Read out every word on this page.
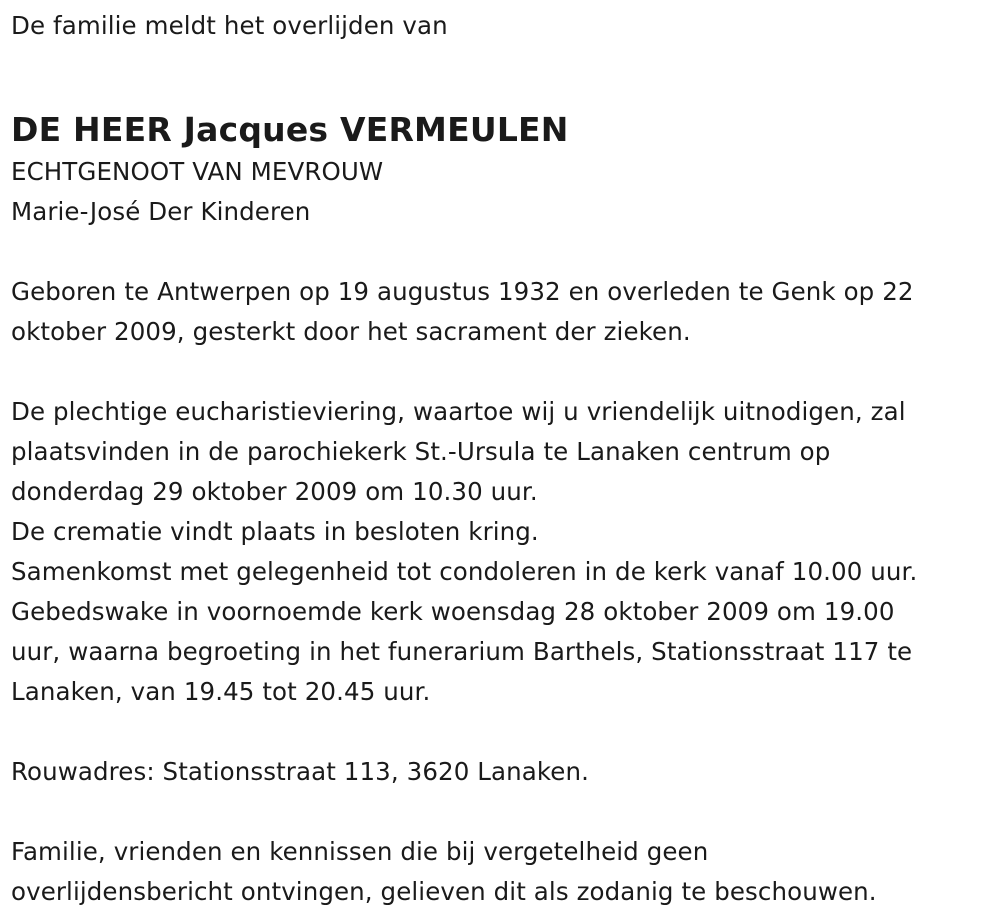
De familie meldt het overlijden van
DE HEER Jacques VERMEULEN
ECHTGENOOT VAN MEVROUW
Marie-José Der Kinderen
Geboren te Antwerpen op 19 augustus 1932 en overleden te Genk op 22
oktober 2009, gesterkt door het sacrament der zieken.
De plechtige eucharistieviering, waartoe wij u vriendelijk uitnodigen, zal
plaatsvinden in de parochiekerk St.-Ursula te Lanaken centrum op
donderdag 29 oktober 2009 om 10.30 uur.
De crematie vindt plaats in besloten kring.
Samenkomst met gelegenheid tot condoleren in de kerk vanaf 10.00 uur.
Gebedswake in voornoemde kerk woensdag 28 oktober 2009 om 19.00
uur, waarna begroeting in het funerarium Barthels, Stationsstraat 117 te
Lanaken, van 19.45 tot 20.45 uur.
Rouwadres: Stationsstraat 113, 3620 Lanaken.
Familie, vrienden en kennissen die bij vergetelheid geen
overlijdensbericht ontvingen, gelieven dit als zodanig te beschouwen.
